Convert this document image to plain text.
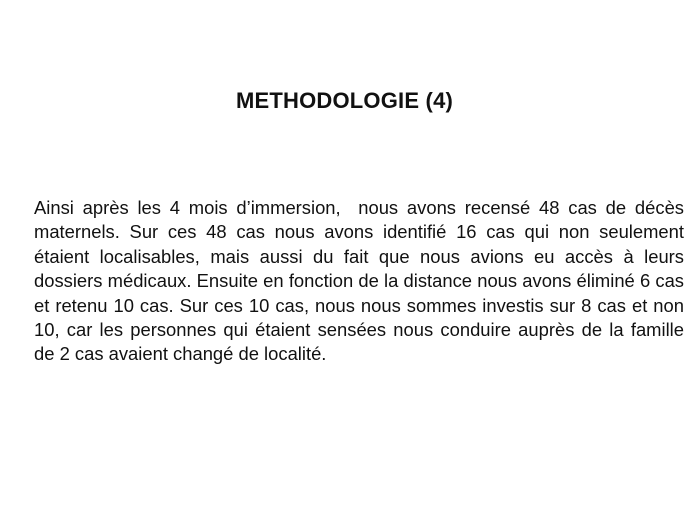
METHODOLOGIE (4)

Ainsi après les 4 mois d’immersion,  nous avons recensé 48 cas de décès maternels. Sur ces 48 cas nous avons identifié 16 cas qui non seulement étaient localisables, mais aussi du fait que nous avions eu accès à leurs dossiers médicaux. Ensuite en fonction de la distance nous avons éliminé 6 cas et retenu 10 cas. Sur ces 10 cas, nous nous sommes investis sur 8 cas et non 10, car les personnes qui étaient sensées nous conduire auprès de la famille de 2 cas avaient changé de localité.
